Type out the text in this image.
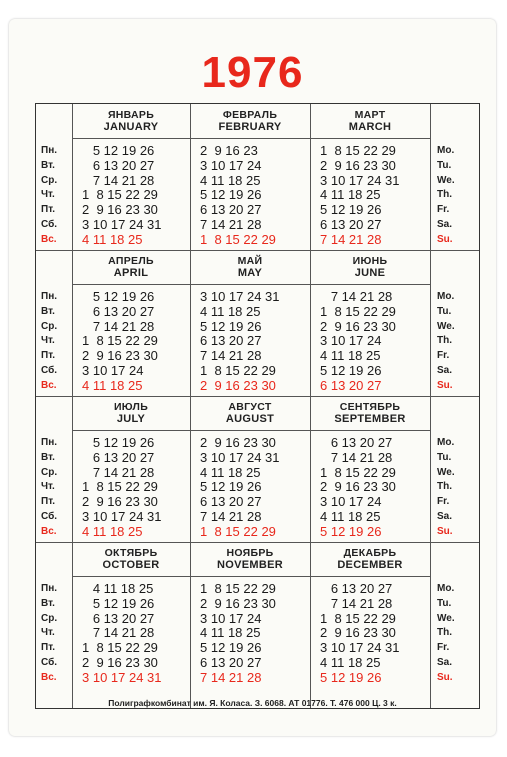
1976
Пн.
Вт.
Ср.
Чт.
Пт.
Сб.
Вс.
Mo.
Tu.
We.
Th.
Fr.
Sa.
Su.
Пн.
Вт.
Ср.
Чт.
Пт.
Сб.
Вс.
Mo.
Tu.
We.
Th.
Fr.
Sa.
Su.
Пн.
Вт.
Ср.
Чт.
Пт.
Сб.
Вс.
Mo.
Tu.
We.
Th.
Fr.
Sa.
Su.
Пн.
Вт.
Ср.
Чт.
Пт.
Сб.
Вс.
Mo.
Tu.
We.
Th.
Fr.
Sa.
Su.
ЯНВАРЬ
JANUARY
5 12 19 26
6 13 20 27
7 14 21 28
1  8 15 22 29
2  9 16 23 30
3 10 17 24 31
4 11 18 25
ФЕВРАЛЬ
FEBRUARY
2  9 16 23
3 10 17 24
4 11 18 25
5 12 19 26
6 13 20 27
7 14 21 28
1  8 15 22 29
МАРТ
MARCH
1  8 15 22 29
2  9 16 23 30
3 10 17 24 31
4 11 18 25
5 12 19 26
6 13 20 27
7 14 21 28
АПРЕЛЬ
APRIL
5 12 19 26
6 13 20 27
7 14 21 28
1  8 15 22 29
2  9 16 23 30
3 10 17 24
4 11 18 25
МАЙ
MAY
3 10 17 24 31
4 11 18 25
5 12 19 26
6 13 20 27
7 14 21 28
1  8 15 22 29
2  9 16 23 30
ИЮНЬ
JUNE
7 14 21 28
1  8 15 22 29
2  9 16 23 30
3 10 17 24
4 11 18 25
5 12 19 26
6 13 20 27
ИЮЛЬ
JULY
5 12 19 26
6 13 20 27
7 14 21 28
1  8 15 22 29
2  9 16 23 30
3 10 17 24 31
4 11 18 25
АВГУСТ
AUGUST
2  9 16 23 30
3 10 17 24 31
4 11 18 25
5 12 19 26
6 13 20 27
7 14 21 28
1  8 15 22 29
СЕНТЯБРЬ
SEPTEMBER
6 13 20 27
7 14 21 28
1  8 15 22 29
2  9 16 23 30
3 10 17 24
4 11 18 25
5 12 19 26
ОКТЯБРЬ
OCTOBER
4 11 18 25
5 12 19 26
6 13 20 27
7 14 21 28
1  8 15 22 29
2  9 16 23 30
3 10 17 24 31
НОЯБРЬ
NOVEMBER
1  8 15 22 29
2  9 16 23 30
3 10 17 24
4 11 18 25
5 12 19 26
6 13 20 27
7 14 21 28
ДЕКАБРЬ
DECEMBER
6 13 20 27
7 14 21 28
1  8 15 22 29
2  9 16 23 30
3 10 17 24 31
4 11 18 25
5 12 19 26
Полиграфкомбинат им. Я. Коласа. З. 6068. АТ 01776. Т. 476 000 Ц. 3 к.
